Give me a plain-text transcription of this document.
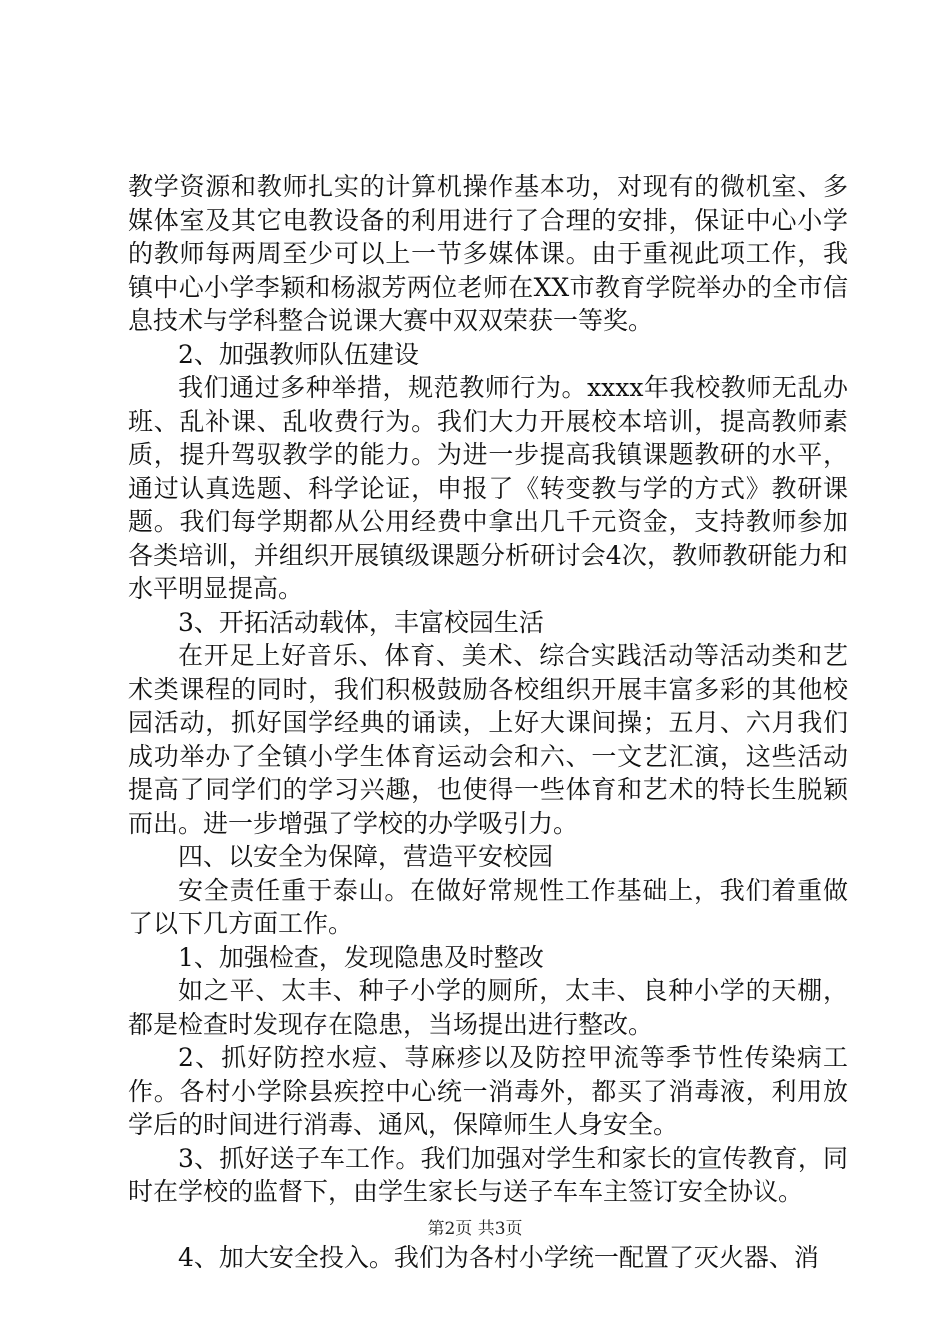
教学资源和教师扎实的计算机操作基本功，对现有的微机室、多媒体室及其它电教设备的利用进行了合理的安排，保证中心小学的教师每两周至少可以上一节多媒体课。由于重视此项工作，我镇中心小学李颖和杨淑芳两位老师在XX市教育学院举办的全市信息技术与学科整合说课大赛中双双荣获一等奖。

2、加强教师队伍建设

我们通过多种举措，规范教师行为。xxxx年我校教师无乱办班、乱补课、乱收费行为。我们大力开展校本培训，提高教师素质，提升驾驭教学的能力。为进一步提高我镇课题教研的水平，通过认真选题、科学论证，申报了《转变教与学的方式》教研课题。我们每学期都从公用经费中拿出几千元资金，支持教师参加各类培训，并组织开展镇级课题分析研讨会4次，教师教研能力和水平明显提高。

3、开拓活动载体，丰富校园生活

在开足上好音乐、体育、美术、综合实践活动等活动类和艺术类课程的同时，我们积极鼓励各校组织开展丰富多彩的其他校园活动，抓好国学经典的诵读，上好大课间操；五月、六月我们成功举办了全镇小学生体育运动会和六、一文艺汇演，这些活动提高了同学们的学习兴趣，也使得一些体育和艺术的特长生脱颖而出。进一步增强了学校的办学吸引力。

四、以安全为保障，营造平安校园

安全责任重于泰山。在做好常规性工作基础上，我们着重做了以下几方面工作。

1、加强检查，发现隐患及时整改

如之平、太丰、种子小学的厕所，太丰、良种小学的天棚，都是检查时发现存在隐患，当场提出进行整改。

2、抓好防控水痘、荨麻疹以及防控甲流等季节性传染病工作。各村小学除县疾控中心统一消毒外，都买了消毒液，利用放学后的时间进行消毒、通风，保障师生人身安全。

3、抓好送子车工作。我们加强对学生和家长的宣传教育，同时在学校的监督下，由学生家长与送子车车主签订安全协议。

4、加大安全投入。我们为各村小学统一配置了灭火器、消

第2页 共3页
